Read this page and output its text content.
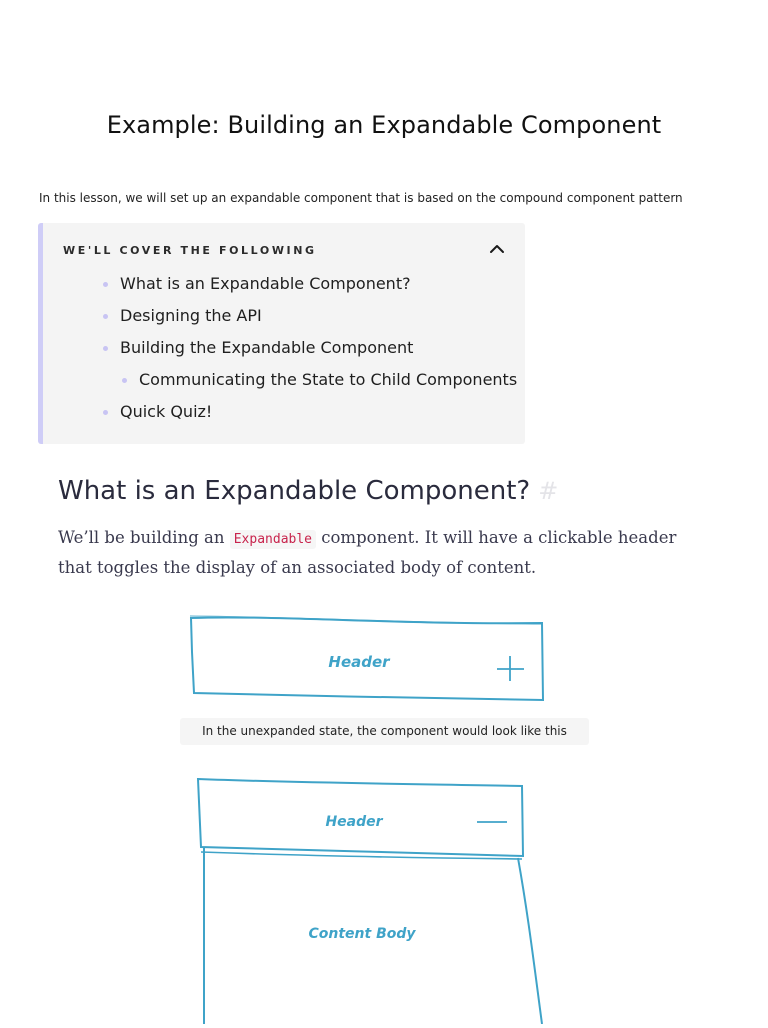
Example: Building an Expandable Component

In this lesson, we will set up an expandable component that is based on the compound component pattern

WE'LL COVER THE FOLLOWING
What is an Expandable Component?
Designing the API
Building the Expandable Component
Communicating the State to Child Components
Quick Quiz!
What is an Expandable Component? #

We’ll be building an Expandable component. It will have a clickable header that toggles the display of an associated body of content.

Header
In the unexpanded state, the component would look like this
Header
Content Body
